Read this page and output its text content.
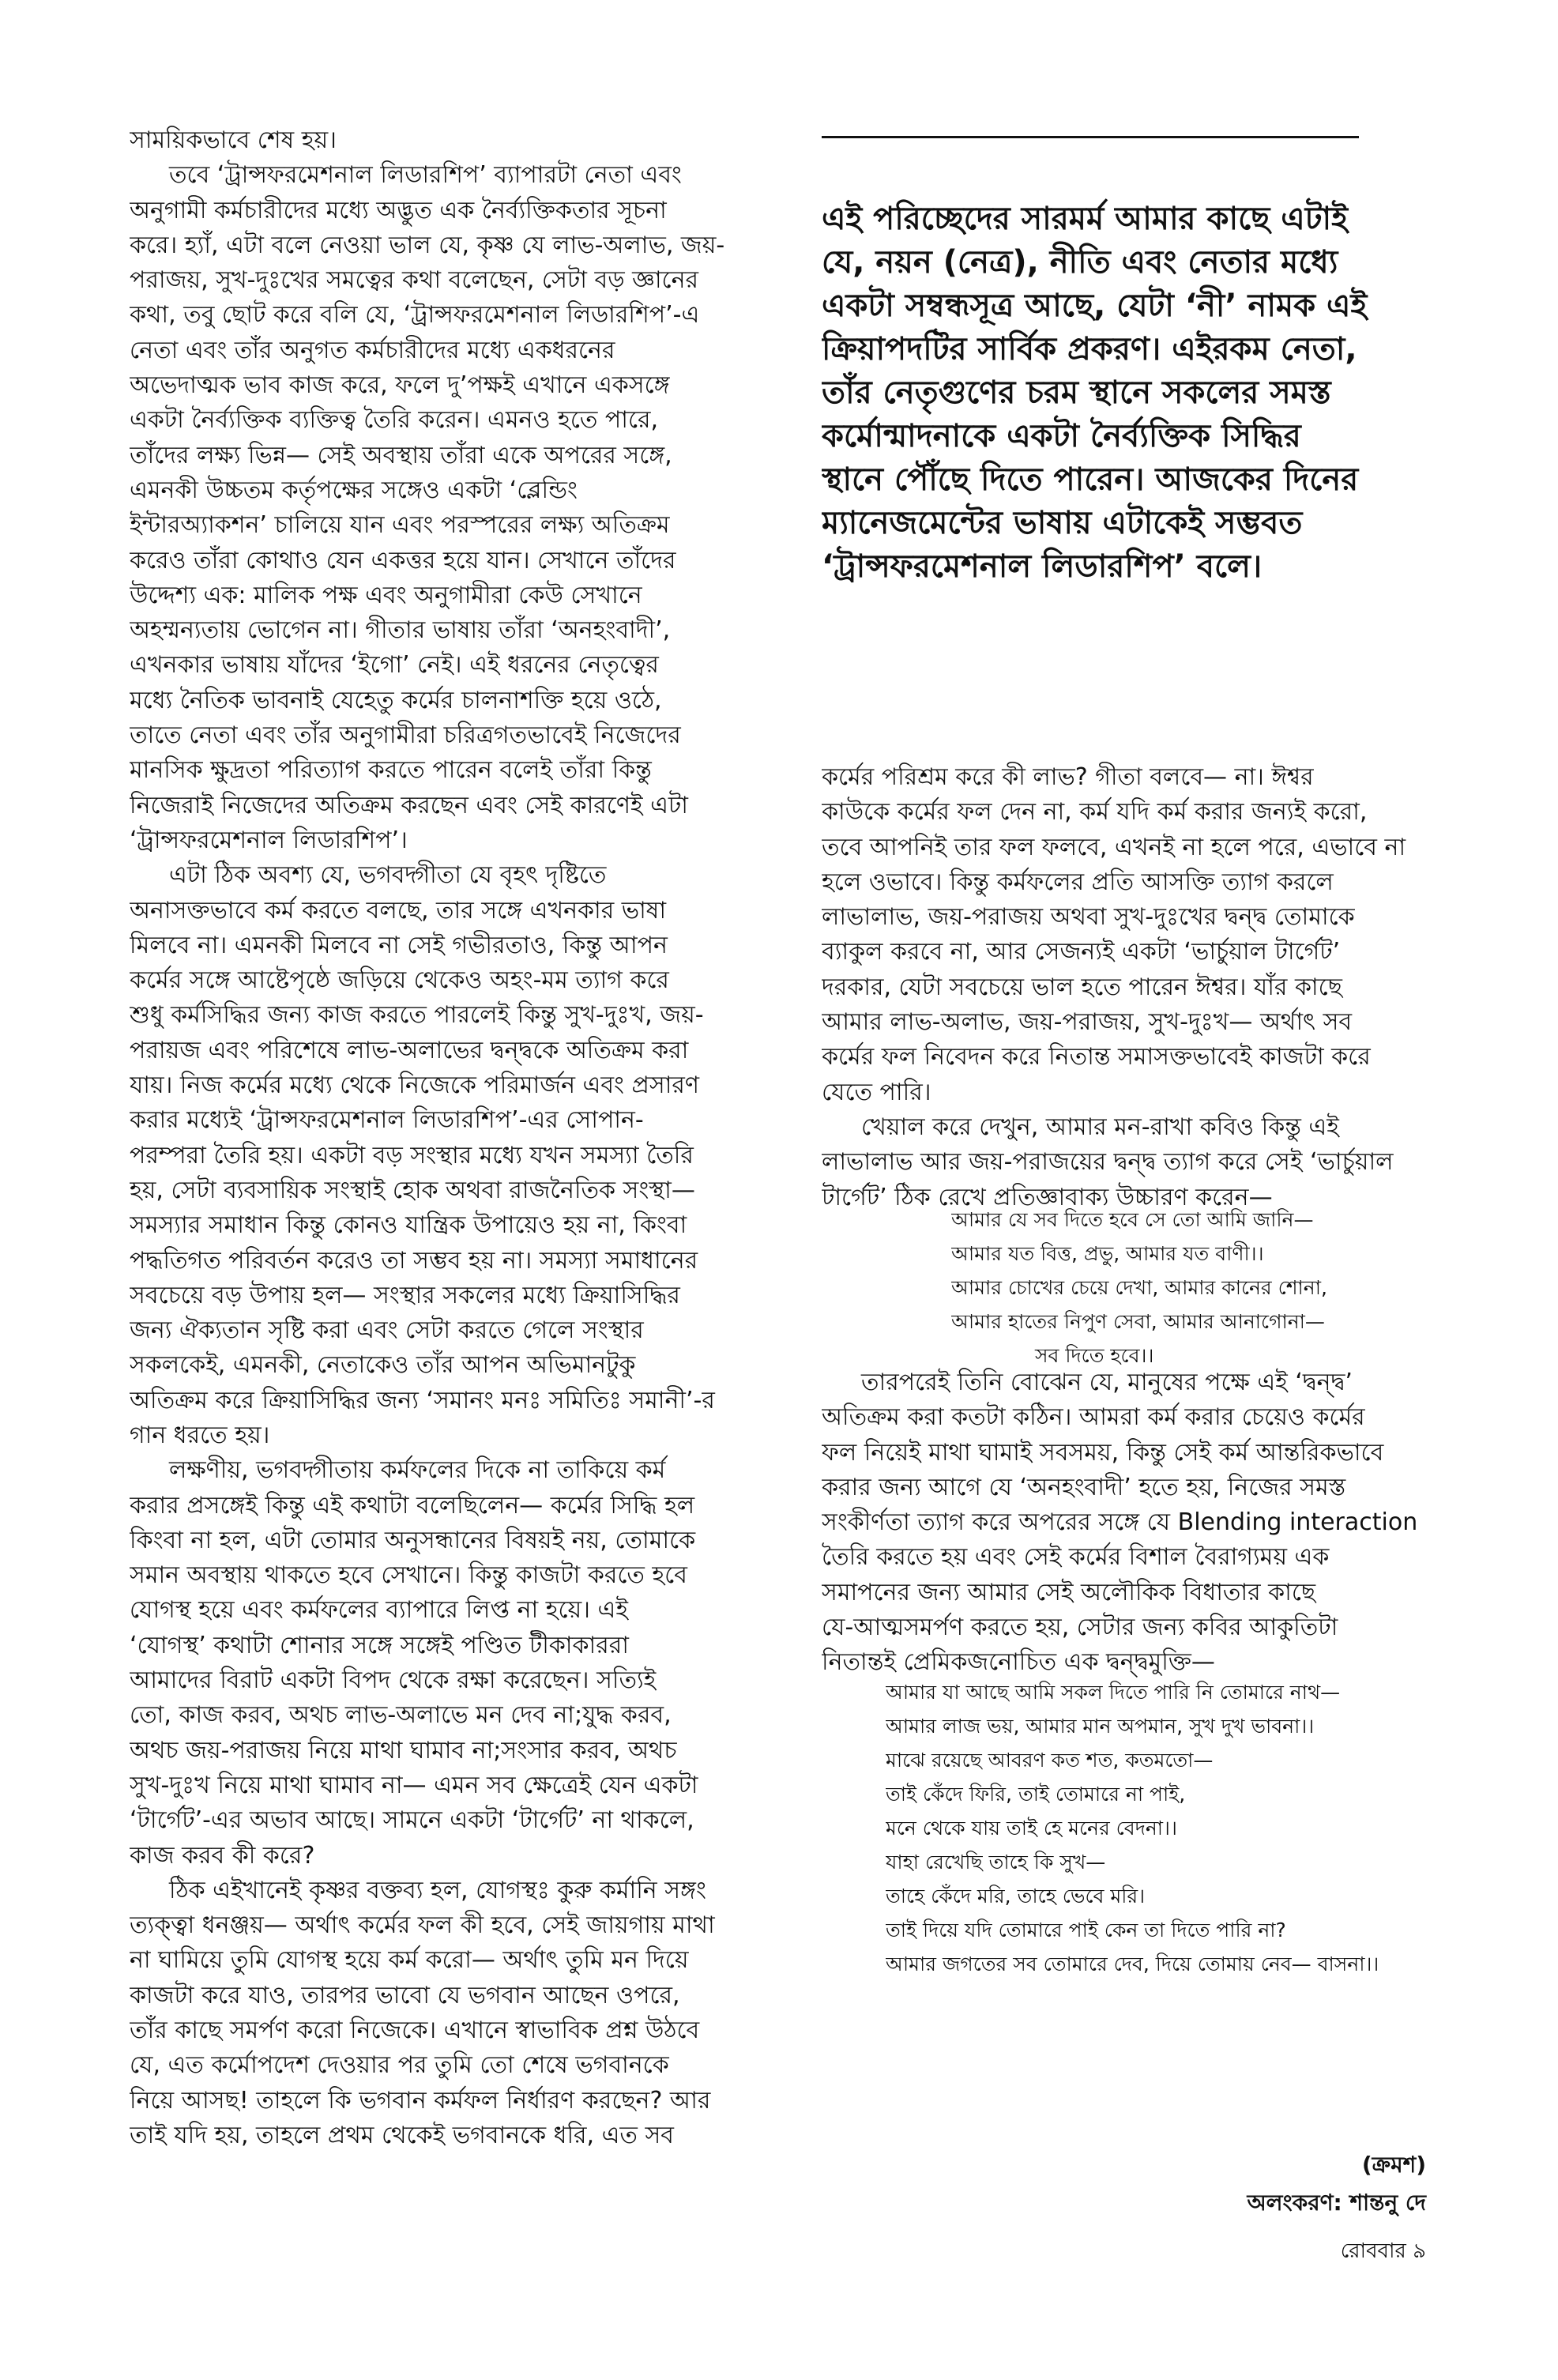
সাময়িকভাবে শেষ হয়।
তবে ‘ট্রান্সফরমেশনাল লিডারশিপ’ ব্যাপারটা নেতা এবং
অনুগামী কর্মচারীদের মধ্যে অদ্ভুত এক নৈর্ব্যক্তিকতার সূচনা
করে। হ্যাঁ, এটা বলে নেওয়া ভাল যে, কৃষ্ণ যে লাভ-অলাভ, জয়-
পরাজয়, সুখ-দুঃখের সমত্বের কথা বলেছেন, সেটা বড় জ্ঞানের
কথা, তবু ছোট করে বলি যে, ‘ট্রান্সফরমেশনাল লিডারশিপ’-এ
নেতা এবং তাঁর অনুগত কর্মচারীদের মধ্যে একধরনের
অভেদাত্মক ভাব কাজ করে, ফলে দু’পক্ষই এখানে একসঙ্গে
একটা নৈর্ব্যক্তিক ব্যক্তিত্ব তৈরি করেন। এমনও হতে পারে,
তাঁদের লক্ষ্য ভিন্ন— সেই অবস্থায় তাঁরা একে অপরের সঙ্গে,
এমনকী উচ্চতম কর্তৃপক্ষের সঙ্গেও একটা ‘ব্লেন্ডিং
ইন্টারঅ্যাকশন’ চালিয়ে যান এবং পরস্পরের লক্ষ্য অতিক্রম
করেও তাঁরা কোথাও যেন একত্তর হয়ে যান। সেখানে তাঁদের
উদ্দেশ্য এক: মালিক পক্ষ এবং অনুগামীরা কেউ সেখানে
অহম্মন্যতায় ভোগেন না। গীতার ভাষায় তাঁরা ‘অনহংবাদী’,
এখনকার ভাষায় যাঁদের ‘ইগো’ নেই। এই ধরনের নেতৃত্বের
মধ্যে নৈতিক ভাবনাই যেহেতু কর্মের চালনাশক্তি হয়ে ওঠে,
তাতে নেতা এবং তাঁর অনুগামীরা চরিত্রগতভাবেই নিজেদের
মানসিক ক্ষুদ্রতা পরিত্যাগ করতে পারেন বলেই তাঁরা কিন্তু
নিজেরাই নিজেদের অতিক্রম করছেন এবং সেই কারণেই এটা
‘ট্রান্সফরমেশনাল লিডারশিপ’।
এটা ঠিক অবশ্য যে, ভগবদ্গীতা যে বৃহৎ দৃষ্টিতে
অনাসক্তভাবে কর্ম করতে বলছে, তার সঙ্গে এখনকার ভাষা
মিলবে না। এমনকী মিলবে না সেই গভীরতাও, কিন্তু আপন
কর্মের সঙ্গে আষ্টেপৃষ্ঠে জড়িয়ে থেকেও অহং-মম ত্যাগ করে
শুধু কর্মসিদ্ধির জন্য কাজ করতে পারলেই কিন্তু সুখ-দুঃখ, জয়-
পরায়জ এবং পরিশেষে লাভ-অলাভের দ্বন্দ্বকে অতিক্রম করা
যায়। নিজ কর্মের মধ্যে থেকে নিজেকে পরিমার্জন এবং প্রসারণ
করার মধ্যেই ‘ট্রান্সফরমেশনাল লিডারশিপ’-এর সোপান-
পরম্পরা তৈরি হয়। একটা বড় সংস্থার মধ্যে যখন সমস্যা তৈরি
হয়, সেটা ব্যবসায়িক সংস্থাই হোক অথবা রাজনৈতিক সংস্থা—
সমস্যার সমাধান কিন্তু কোনও যান্ত্রিক উপায়েও হয় না, কিংবা
পদ্ধতিগত পরিবর্তন করেও তা সম্ভব হয় না। সমস্যা সমাধানের
সবচেয়ে বড় উপায় হল— সংস্থার সকলের মধ্যে ক্রিয়াসিদ্ধির
জন্য ঐক্যতান সৃষ্টি করা এবং সেটা করতে গেলে সংস্থার
সকলকেই, এমনকী, নেতাকেও তাঁর আপন অভিমানটুকু
অতিক্রম করে ক্রিয়াসিদ্ধির জন্য ‘সমানং মনঃ সমিতিঃ সমানী’-র
গান ধরতে হয়।
লক্ষণীয়, ভগবদ্গীতায় কর্মফলের দিকে না তাকিয়ে কর্ম
করার প্রসঙ্গেই কিন্তু এই কথাটা বলেছিলেন— কর্মের সিদ্ধি হল
কিংবা না হল, এটা তোমার অনুসন্ধানের বিষয়ই নয়, তোমাকে
সমান অবস্থায় থাকতে হবে সেখানে। কিন্তু কাজটা করতে হবে
যোগস্থ হয়ে এবং কর্মফলের ব্যাপারে লিপ্ত না হয়ে। এই
‘যোগস্থ’ কথাটা শোনার সঙ্গে সঙ্গেই পণ্ডিত টীকাকাররা
আমাদের বিরাট একটা বিপদ থেকে রক্ষা করেছেন। সত্যিই
তো, কাজ করব, অথচ লাভ-অলাভে মন দেব না;যুদ্ধ করব,
অথচ জয়-পরাজয় নিয়ে মাথা ঘামাব না;সংসার করব, অথচ
সুখ-দুঃখ নিয়ে মাথা ঘামাব না— এমন সব ক্ষেত্রেই যেন একটা
‘টার্গেট’-এর অভাব আছে। সামনে একটা ‘টার্গেট’ না থাকলে,
কাজ করব কী করে?
ঠিক এইখানেই কৃষ্ণর বক্তব্য হল, যোগস্থঃ কুরু কর্মানি সঙ্গং
ত্যক্ত্বা ধনঞ্জয়— অর্থাৎ কর্মের ফল কী হবে, সেই জায়গায় মাথা
না ঘামিয়ে তুমি যোগস্থ হয়ে কর্ম করো— অর্থাৎ তুমি মন দিয়ে
কাজটা করে যাও, তারপর ভাবো যে ভগবান আছেন ওপরে,
তাঁর কাছে সমর্পণ করো নিজেকে। এখানে স্বাভাবিক প্রশ্ন উঠবে
যে, এত কর্মোপদেশ দেওয়ার পর তুমি তো শেষে ভগবানকে
নিয়ে আসছ! তাহলে কি ভগবান কর্মফল নির্ধারণ করছেন? আর
তাই যদি হয়, তাহলে প্রথম থেকেই ভগবানকে ধরি, এত সব
এই পরিচ্ছেদের সারমর্ম আমার কাছে এটাই
যে, নয়ন (নেত্র), নীতি এবং নেতার মধ্যে
একটা সম্বন্ধসূত্র আছে, যেটা ‘নী’ নামক এই
ক্রিয়াপদটির সার্বিক প্রকরণ। এইরকম নেতা,
তাঁর নেতৃগুণের চরম স্থানে সকলের সমস্ত
কর্মোন্মাদনাকে একটা নৈর্ব্যক্তিক সিদ্ধির
স্থানে পৌঁছে দিতে পারেন। আজকের দিনের
ম্যানেজমেন্টের ভাষায় এটাকেই সম্ভবত
‘ট্রান্সফরমেশনাল লিডারশিপ’ বলে।
কর্মের পরিশ্রম করে কী লাভ? গীতা বলবে— না। ঈশ্বর
কাউকে কর্মের ফল দেন না, কর্ম যদি কর্ম করার জন্যই করো,
তবে আপনিই তার ফল ফলবে, এখনই না হলে পরে, এভাবে না
হলে ওভাবে। কিন্তু কর্মফলের প্রতি আসক্তি ত্যাগ করলে
লাভালাভ, জয়-পরাজয় অথবা সুখ-দুঃখের দ্বন্দ্ব তোমাকে
ব্যাকুল করবে না, আর সেজন্যই একটা ‘ভার্চুয়াল টার্গেট’
দরকার, যেটা সবচেয়ে ভাল হতে পারেন ঈশ্বর। যাঁর কাছে
আমার লাভ-অলাভ, জয়-পরাজয়, সুখ-দুঃখ— অর্থাৎ সব
কর্মের ফল নিবেদন করে নিতান্ত সমাসক্তভাবেই কাজটা করে
যেতে পারি।
খেয়াল করে দেখুন, আমার মন-রাখা কবিও কিন্তু এই
লাভালাভ আর জয়-পরাজয়ের দ্বন্দ্ব ত্যাগ করে সেই ‘ভার্চুয়াল
টার্গেট’ ঠিক রেখে প্রতিজ্ঞাবাক্য উচ্চারণ করেন—
আমার যে সব দিতে হবে সে তো আমি জানি—
আমার যত বিত্ত, প্রভু, আমার যত বাণী।।
আমার চোখের চেয়ে দেখা, আমার কানের শোনা,
আমার হাতের নিপুণ সেবা, আমার আনাগোনা—
সব দিতে হবে।।
তারপরেই তিনি বোঝেন যে, মানুষের পক্ষে এই ‘দ্বন্দ্ব’
অতিক্রম করা কতটা কঠিন। আমরা কর্ম করার চেয়েও কর্মের
ফল নিয়েই মাথা ঘামাই সবসময়, কিন্তু সেই কর্ম আন্তরিকভাবে
করার জন্য আগে যে ‘অনহংবাদী’ হতে হয়, নিজের সমস্ত
সংকীর্ণতা ত্যাগ করে অপরের সঙ্গে যে Blending interaction
তৈরি করতে হয় এবং সেই কর্মের বিশাল বৈরাগ্যময় এক
সমাপনের জন্য আমার সেই অলৌকিক বিধাতার কাছে
যে-আত্মসমর্পণ করতে হয়, সেটার জন্য কবির আকুতিটা
নিতান্তই প্রেমিকজনোচিত এক দ্বন্দ্বমুক্তি—
আমার যা আছে আমি সকল দিতে পারি নি তোমারে নাথ—
আমার লাজ ভয়, আমার মান অপমান, সুখ দুখ ভাবনা।।
মাঝে রয়েছে আবরণ কত শত, কতমতো—
তাই কেঁদে ফিরি, তাই তোমারে না পাই,
মনে থেকে যায় তাই হে মনের বেদনা।।
যাহা রেখেছি তাহে কি সুখ—
তাহে কেঁদে মরি, তাহে ভেবে মরি।
তাই দিয়ে যদি তোমারে পাই কেন তা দিতে পারি না?
আমার জগতের সব তোমারে দেব, দিয়ে তোমায় নেব— বাসনা।।
(ক্রমশ)
অলংকরণ: শান্তনু দে
রোববার ৯
